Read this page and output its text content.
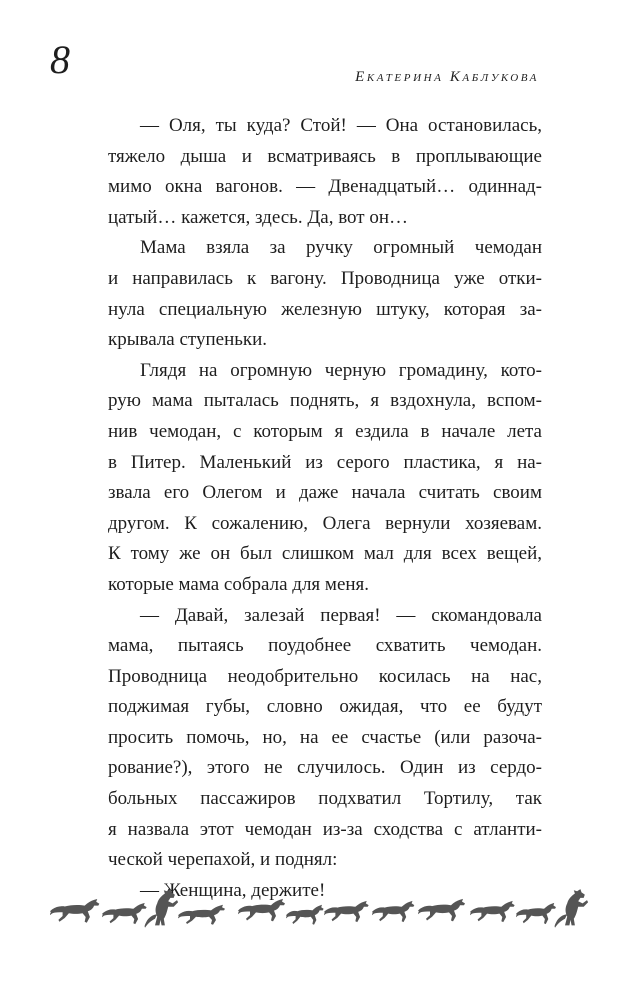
8	Екатерина Каблукова
— Оля, ты куда? Стой! — Она остановилась,
тяжело дыша и всматриваясь в проплывающие
мимо окна вагонов. — Двенадцатый… одиннад-
цатый… кажется, здесь. Да, вот он…
Мама взяла за ручку огромный чемодан
и направилась к вагону. Проводница уже отки-
нула специальную железную штуку, которая за-
крывала ступеньки.
Глядя на огромную черную громадину, кото-
рую мама пыталась поднять, я вздохнула, вспом-
нив чемодан, с которым я ездила в начале лета
в Питер. Маленький из серого пластика, я на-
звала его Олегом и даже начала считать своим
другом. К сожалению, Олега вернули хозяевам.
К тому же он был слишком мал для всех вещей,
которые мама собрала для меня.
— Давай, залезай первая! — скомандовала
мама, пытаясь поудобнее схватить чемодан.
Проводница неодобрительно косилась на нас,
поджимая губы, словно ожидая, что ее будут
просить помочь, но, на ее счастье (или разоча-
рование?), этого не случилось. Один из сердо-
больных пассажиров подхватил Тортилу, так
я назвала этот чемодан из-за сходства с атланти-
ческой черепахой, и поднял:
— Женщина, держите!
